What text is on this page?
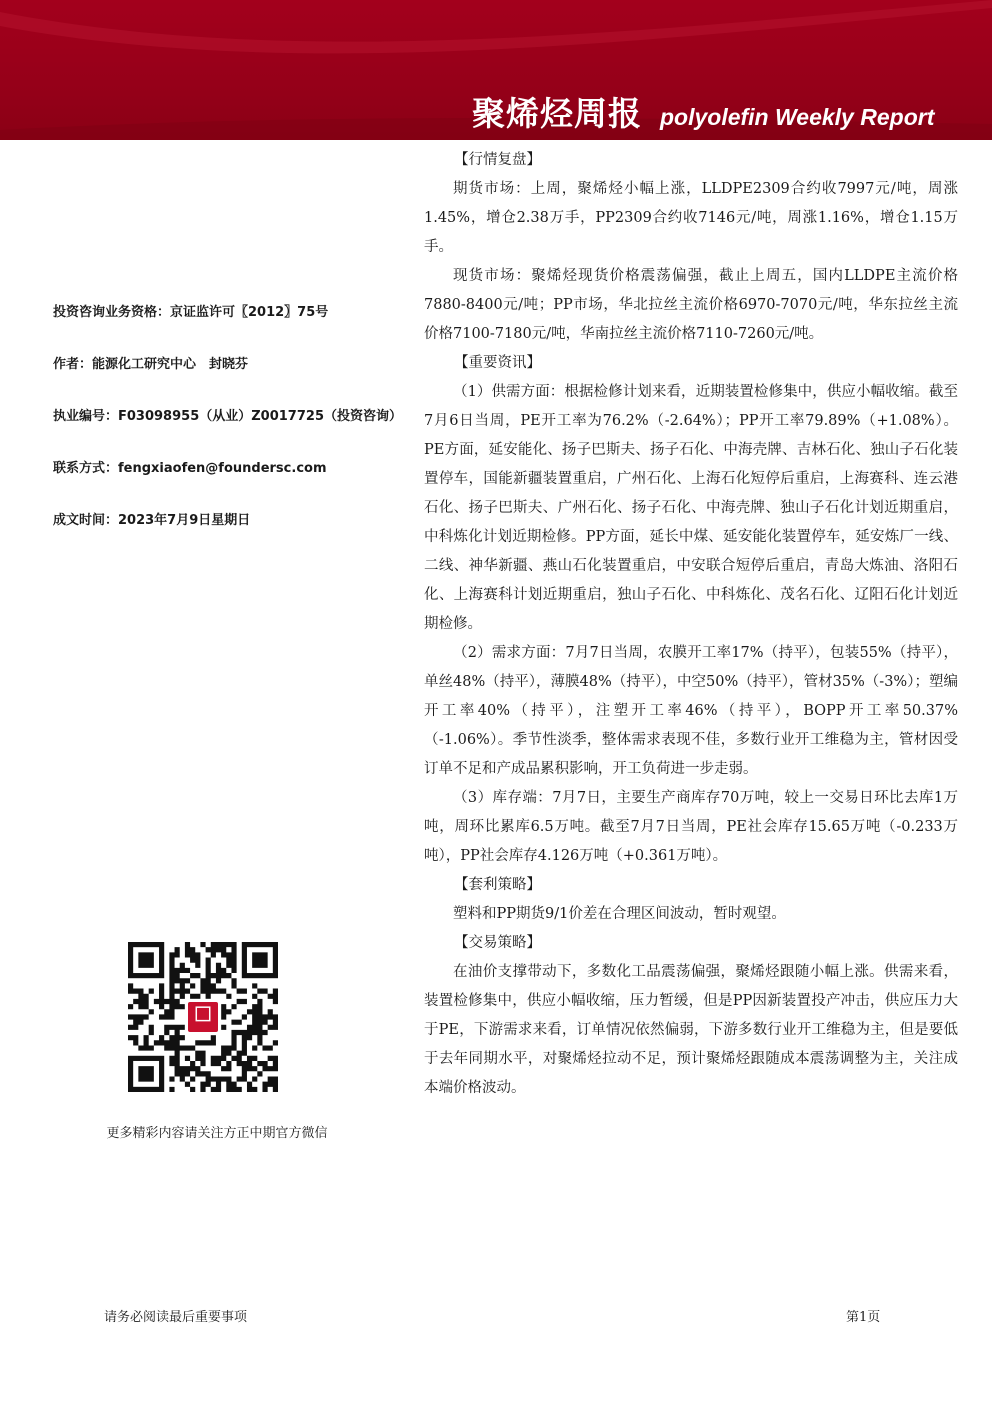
聚烯烃周报 polyolefin Weekly Report
投资咨询业务资格：京证监许可〖2012〗75号
作者：能源化工研究中心　封晓芬
执业编号：F03098955（从业）Z0017725（投资咨询）
联系方式：fengxiaofen@foundersc.com
成文时间：2023年7月9日星期日
更多精彩内容请关注方正中期官方微信
【行情复盘】

期货市场：上周，聚烯烃小幅上涨，LLDPE2309合约收7997元/吨，周涨1.45%，增仓2.38万手，PP2309合约收7146元/吨，周涨1.16%，增仓1.15万手。

现货市场：聚烯烃现货价格震荡偏强，截止上周五，国内LLDPE主流价格7880-8400元/吨；PP市场，华北拉丝主流价格6970-7070元/吨，华东拉丝主流价格7100-7180元/吨，华南拉丝主流价格7110-7260元/吨。

【重要资讯】

（1）供需方面：根据检修计划来看，近期装置检修集中，供应小幅收缩。截至7月6日当周，PE开工率为76.2%（-2.64%）；PP开工率79.89%（+1.08%）。PE方面，延安能化、扬子巴斯夫、扬子石化、中海壳牌、吉林石化、独山子石化装置停车，国能新疆装置重启，广州石化、上海石化短停后重启，上海赛科、连云港石化、扬子巴斯夫、广州石化、扬子石化、中海壳牌、独山子石化计划近期重启，中科炼化计划近期检修。PP方面，延长中煤、延安能化装置停车，延安炼厂一线、二线、神华新疆、燕山石化装置重启，中安联合短停后重启，青岛大炼油、洛阳石化、上海赛科计划近期重启，独山子石化、中科炼化、茂名石化、辽阳石化计划近期检修。

（2）需求方面：7月7日当周，农膜开工率17%（持平），包装55%（持平），单丝48%（持平），薄膜48%（持平），中空50%（持平），管材35%（-3%）；塑编开工率40%（持平），注塑开工率46%（持平），BOPP开工率50.37%（-1.06%）。季节性淡季，整体需求表现不佳，多数行业开工维稳为主，管材因受订单不足和产成品累积影响，开工负荷进一步走弱。

（3）库存端：7月7日，主要生产商库存70万吨，较上一交易日环比去库1万吨，周环比累库6.5万吨。截至7月7日当周，PE社会库存15.65万吨（-0.233万吨），PP社会库存4.126万吨（+0.361万吨）。

【套利策略】

塑料和PP期货9/1价差在合理区间波动，暂时观望。

【交易策略】

在油价支撑带动下，多数化工品震荡偏强，聚烯烃跟随小幅上涨。供需来看，装置检修集中，供应小幅收缩，压力暂缓，但是PP因新装置投产冲击，供应压力大于PE，下游需求来看，订单情况依然偏弱，下游多数行业开工维稳为主，但是要低于去年同期水平，对聚烯烃拉动不足，预计聚烯烃跟随成本震荡调整为主，关注成本端价格波动。

请务必阅读最后重要事项	第1页
